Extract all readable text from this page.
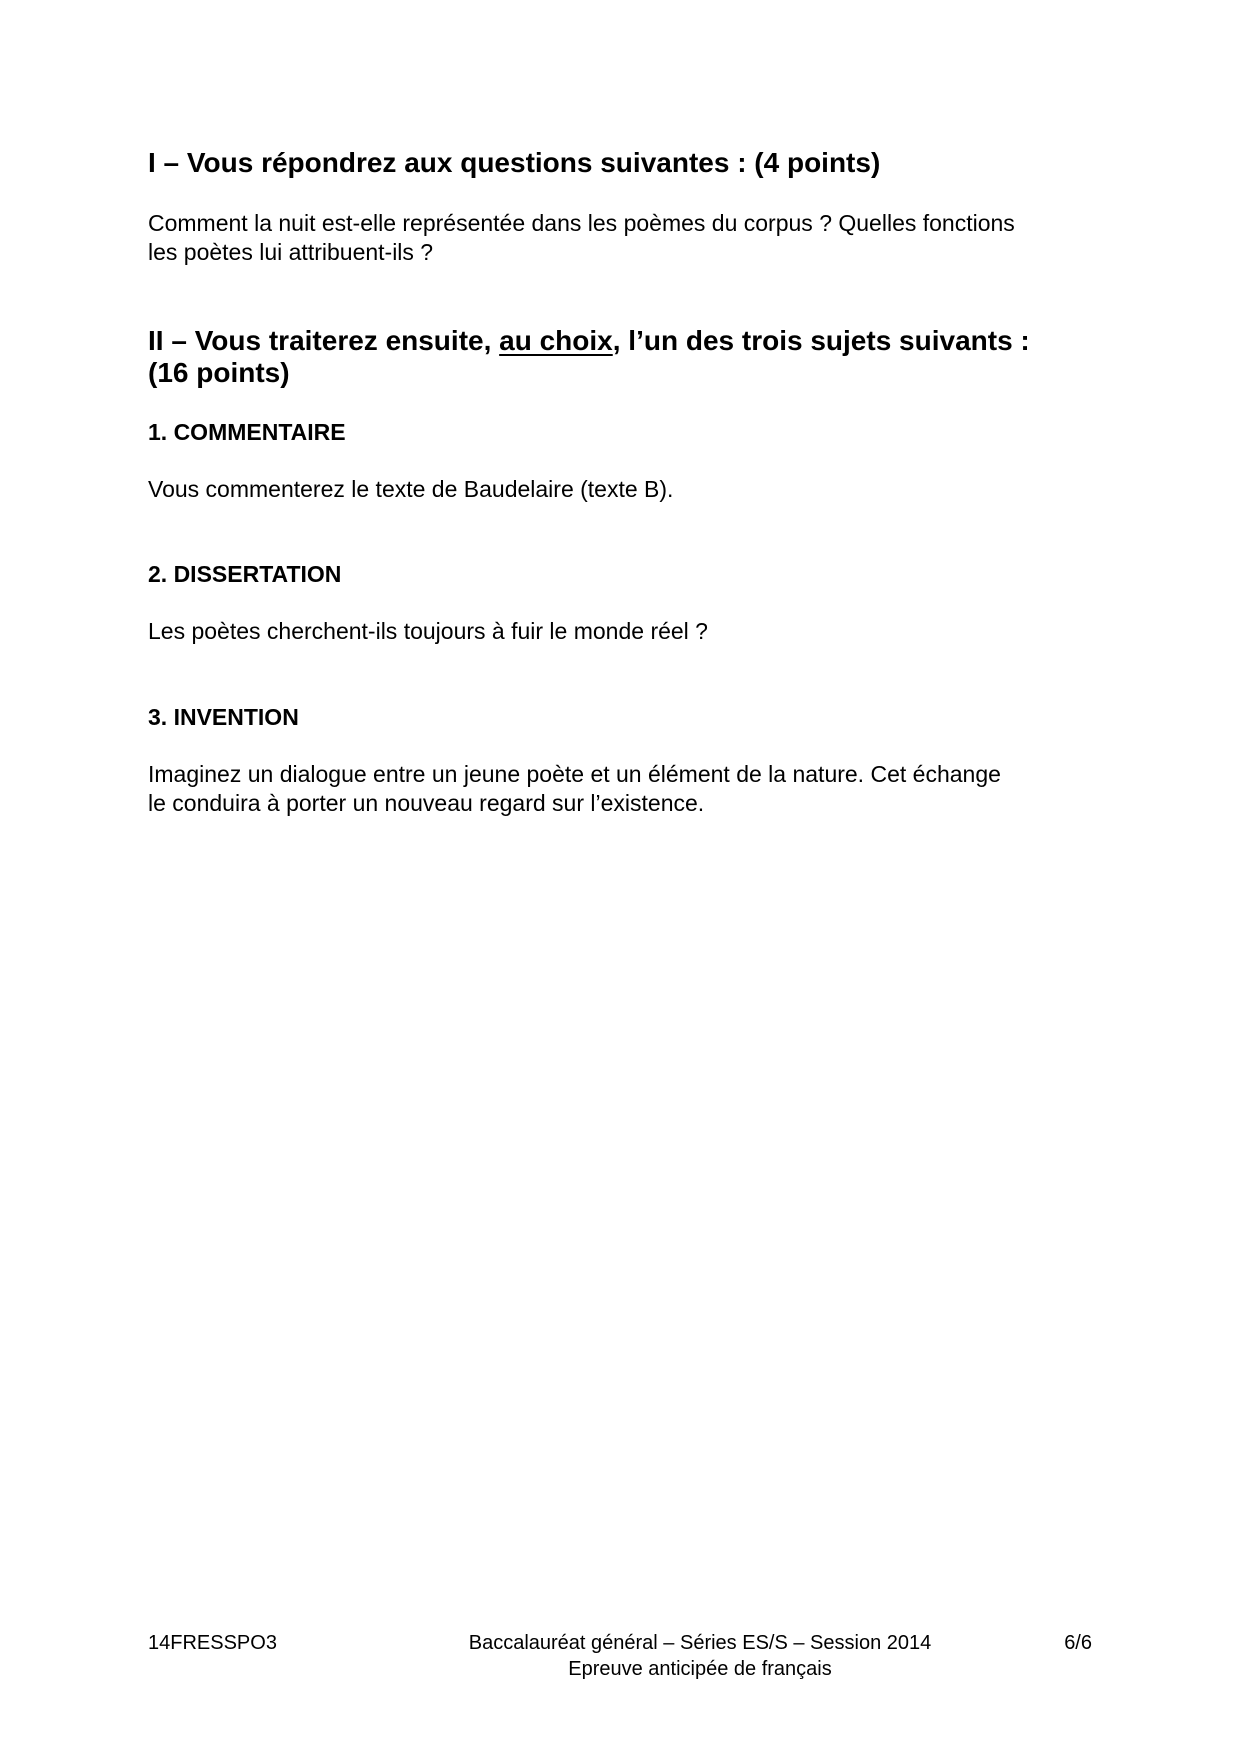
I – Vous répondrez aux questions suivantes : (4 points)

Comment la nuit est-elle représentée dans les poèmes du corpus ? Quelles fonctions

les poètes lui attribuent-ils ?

II – Vous traiterez ensuite, au choix, l’un des trois sujets suivants :
(16 points)
1. COMMENTAIRE

Vous commenterez le texte de Baudelaire (texte B).

2. DISSERTATION

Les poètes cherchent-ils toujours à fuir le monde réel ?

3. INVENTION

Imaginez un dialogue entre un jeune poète et un élément de la nature. Cet échange

le conduira à porter un nouveau regard sur l’existence.

14FRESSPO3	Baccalauréat général – Séries ES/S – Session 2014
Epreuve anticipée de français
6/6
